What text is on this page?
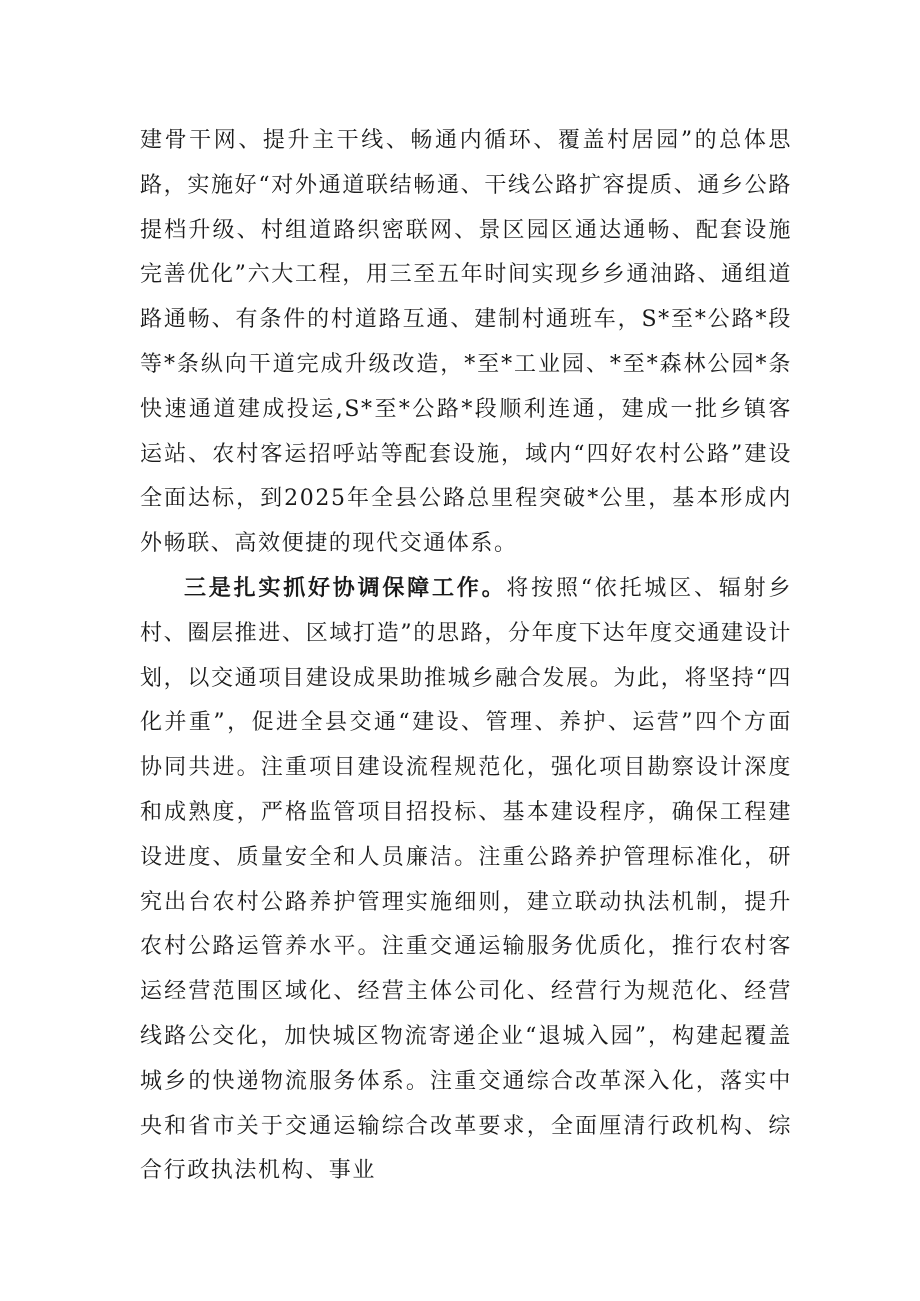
建骨干网、提升主干线、畅通内循环、覆盖村居园”的总体思路，实施好“对外通道联结畅通、干线公路扩容提质、通乡公路提档升级、村组道路织密联网、景区园区通达通畅、配套设施完善优化”六大工程，用三至五年时间实现乡乡通油路、通组道路通畅、有条件的村道路互通、建制村通班车，S*至*公路*段等*条纵向干道完成升级改造，*至*工业园、*至*森林公园*条快速通道建成投运,S*至*公路*段顺利连通，建成一批乡镇客运站、农村客运招呼站等配套设施，域内“四好农村公路”建设全面达标，到2025年全县公路总里程突破*公里，基本形成内外畅联、高效便捷的现代交通体系。

三是扎实抓好协调保障工作。将按照“依托城区、辐射乡村、圈层推进、区域打造”的思路，分年度下达年度交通建设计划，以交通项目建设成果助推城乡融合发展。为此，将坚持“四化并重”，促进全县交通“建设、管理、养护、运营”四个方面协同共进。注重项目建设流程规范化，强化项目勘察设计深度和成熟度，严格监管项目招投标、基本建设程序，确保工程建设进度、质量安全和人员廉洁。注重公路养护管理标准化，研究出台农村公路养护管理实施细则，建立联动执法机制，提升农村公路运管养水平。注重交通运输服务优质化，推行农村客运经营范围区域化、经营主体公司化、经营行为规范化、经营线路公交化，加快城区物流寄递企业“退城入园”，构建起覆盖城乡的快递物流服务体系。注重交通综合改革深入化，落实中央和省市关于交通运输综合改革要求，全面厘清行政机构、综合行政执法机构、事业
